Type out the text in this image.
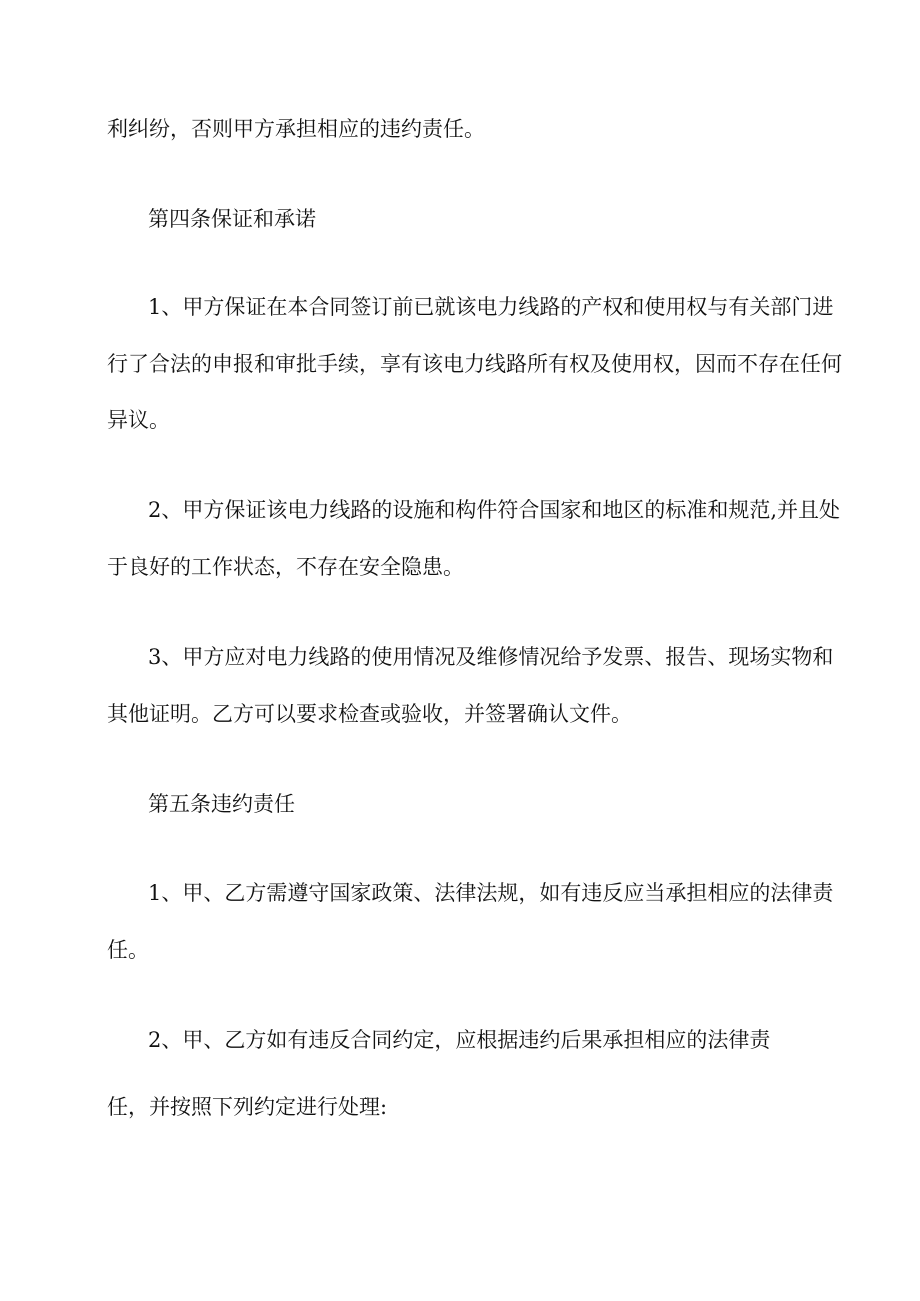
利纠纷，否则甲方承担相应的违约责任。
第四条保证和承诺
1、甲方保证在本合同签订前已就该电力线路的产权和使用权与有关部门进
行了合法的申报和审批手续，享有该电力线路所有权及使用权，因而不存在任何
异议。
2、甲方保证该电力线路的设施和构件符合国家和地区的标准和规范,并且处
于良好的工作状态，不存在安全隐患。
3、甲方应对电力线路的使用情况及维修情况给予发票、报告、现场实物和
其他证明。乙方可以要求检查或验收，并签署确认文件。
第五条违约责任
1、甲、乙方需遵守国家政策、法律法规，如有违反应当承担相应的法律责
任。
2、甲、乙方如有违反合同约定，应根据违约后果承担相应的法律责
任，并按照下列约定进行处理:
